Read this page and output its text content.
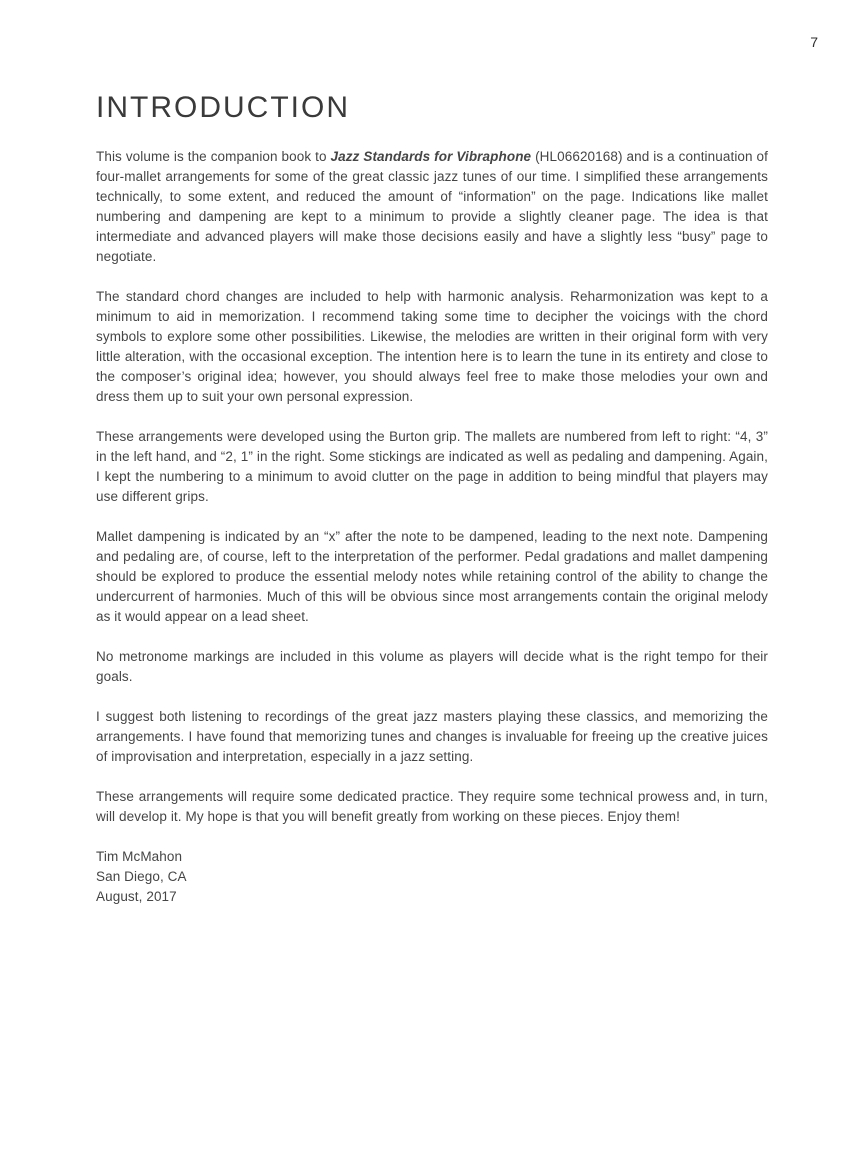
7
INTRODUCTION

This volume is the companion book to Jazz Standards for Vibraphone (HL06620168) and is a continuation of four-mallet arrangements for some of the great classic jazz tunes of our time. I simplified these arrangements technically, to some extent, and reduced the amount of “information” on the page. Indications like mallet numbering and dampening are kept to a minimum to provide a slightly cleaner page. The idea is that intermediate and advanced players will make those decisions easily and have a slightly less “busy” page to negotiate.

The standard chord changes are included to help with harmonic analysis. Reharmonization was kept to a minimum to aid in memorization. I recommend taking some time to decipher the voicings with the chord symbols to explore some other possibilities. Likewise, the melodies are written in their original form with very little alteration, with the occasional exception. The intention here is to learn the tune in its entirety and close to the composer’s original idea; however, you should always feel free to make those melodies your own and dress them up to suit your own personal expression.

These arrangements were developed using the Burton grip. The mallets are numbered from left to right: “4, 3” in the left hand, and “2, 1” in the right. Some stickings are indicated as well as pedaling and dampening. Again, I kept the numbering to a minimum to avoid clutter on the page in addition to being mindful that players may use different grips.

Mallet dampening is indicated by an “x” after the note to be dampened, leading to the next note. Dampening and pedaling are, of course, left to the interpretation of the performer. Pedal gradations and mallet dampening should be explored to produce the essential melody notes while retaining control of the ability to change the undercurrent of harmonies. Much of this will be obvious since most arrangements contain the original melody as it would appear on a lead sheet.

No metronome markings are included in this volume as players will decide what is the right tempo for their goals.

I suggest both listening to recordings of the great jazz masters playing these classics, and memorizing the arrangements. I have found that memorizing tunes and changes is invaluable for freeing up the creative juices of improvisation and interpretation, especially in a jazz setting.

These arrangements will require some dedicated practice. They require some technical prowess and, in turn, will develop it. My hope is that you will benefit greatly from working on these pieces. Enjoy them!

Tim McMahon
San Diego, CA
August, 2017
